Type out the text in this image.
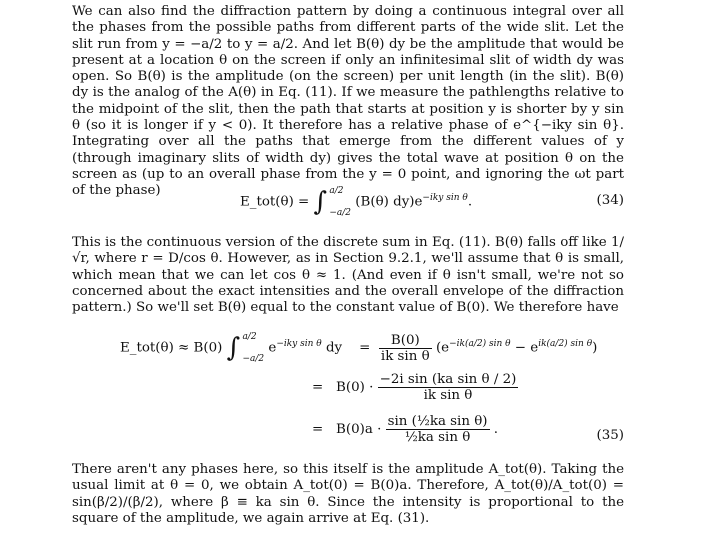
We can also find the diffraction pattern by doing a continuous integral over all the phases from the possible paths from different parts of the wide slit. Let the slit run from y = −a/2 to y = a/2. And let B(θ) dy be the amplitude that would be present at a location θ on the screen if only an infinitesimal slit of width dy was open. So B(θ) is the amplitude (on the screen) per unit length (in the slit). B(θ) dy is the analog of the A(θ) in Eq. (11). If we measure the pathlengths relative to the midpoint of the slit, then the path that starts at position y is shorter by y sin θ (so it is longer if y < 0). It therefore has a relative phase of e^{−iky sin θ}. Integrating over all the paths that emerge from the different values of y (through imaginary slits of width dy) gives the total wave at position θ on the screen as (up to an overall phase from the y = 0 point, and ignoring the ωt part of the phase)
E_tot(θ) = ∫ a/2
−a/2
(B(θ) $dy)e^{-iky sin \theta}$.	(34)
This is the continuous version of the discrete sum in Eq. (11). B(θ) falls off like 1/√r, where r = D/cos θ. However, as in Section 9.2.1, we'll assume that θ is small, which mean that we can let cos θ ≈ 1. (And even if θ isn't small, we're not so concerned about the exact intensities and the overall envelope of the diffraction pattern.) So we'll set B(θ) equal to the constant value of B(0). We therefore have
E_tot(θ) ≈ B(0) ∫ a/2
−a/2
$e^{-iky sin \theta}$ dy = $\frac{B(0)}{\text{ik sin θ}} (e^{-ik(a/2) sin \theta} - e^{ik(a/2) sin \theta})$
= $B(0) \cdot \frac{\text{−2i sin (ka sin θ / 2)}}{\text{ik sin θ}}$
= $B(0)a \cdot \frac{\text{sin (½ka sin θ)}}{\text{½ka sin θ}}$ .	(35)
There aren't any phases here, so this itself is the amplitude A_tot(θ). Taking the usual limit at θ = 0, we obtain A_tot(0) = B(0)a. Therefore, A_tot(θ)/A_tot(0) = sin(β/2)/(β/2), where β ≡ ka sin θ. Since the intensity is proportional to the square of the amplitude, we again arrive at Eq. (31).
